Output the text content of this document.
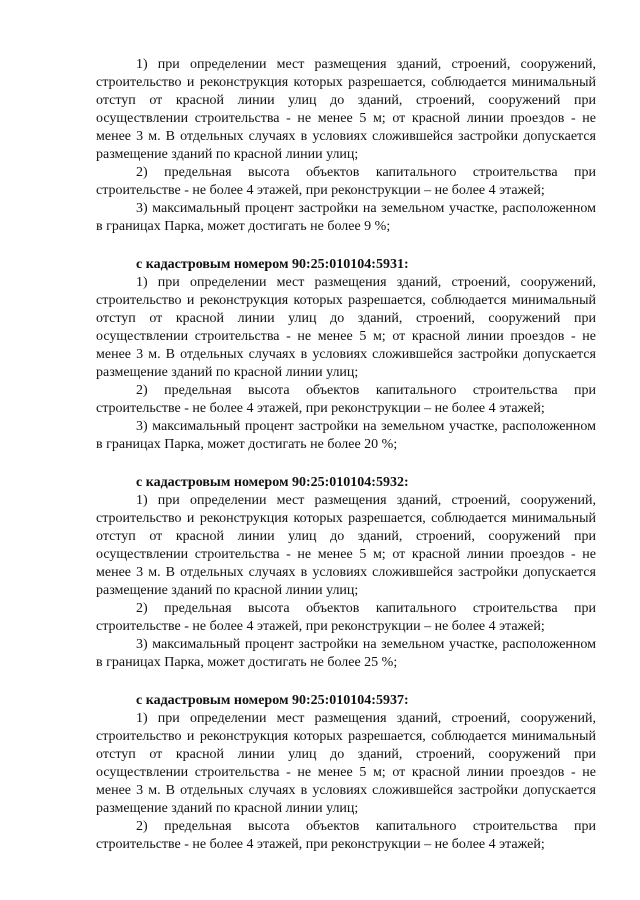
1) при определении мест размещения зданий, строений, сооружений, строительство и реконструкция которых разрешается, соблюдается минимальный отступ от красной линии улиц до зданий, строений, сооружений при осуществлении строительства - не менее 5 м; от красной линии проездов - не менее 3 м. В отдельных случаях в условиях сложившейся застройки допускается размещение зданий по красной линии улиц;

2) предельная высота объектов капитального строительства при строительстве - не более 4 этажей, при реконструкции – не более 4 этажей;

3) максимальный процент застройки на земельном участке, расположенном в границах Парка, может достигать не более 9 %;

с кадастровым номером 90:25:010104:5931:

1) при определении мест размещения зданий, строений, сооружений, строительство и реконструкция которых разрешается, соблюдается минимальный отступ от красной линии улиц до зданий, строений, сооружений при осуществлении строительства - не менее 5 м; от красной линии проездов - не менее 3 м. В отдельных случаях в условиях сложившейся застройки допускается размещение зданий по красной линии улиц;

2) предельная высота объектов капитального строительства при строительстве - не более 4 этажей, при реконструкции – не более 4 этажей;

3) максимальный процент застройки на земельном участке, расположенном в границах Парка, может достигать не более 20 %;

с кадастровым номером 90:25:010104:5932:

1) при определении мест размещения зданий, строений, сооружений, строительство и реконструкция которых разрешается, соблюдается минимальный отступ от красной линии улиц до зданий, строений, сооружений при осуществлении строительства - не менее 5 м; от красной линии проездов - не менее 3 м. В отдельных случаях в условиях сложившейся застройки допускается размещение зданий по красной линии улиц;

2) предельная высота объектов капитального строительства при строительстве - не более 4 этажей, при реконструкции – не более 4 этажей;

3) максимальный процент застройки на земельном участке, расположенном в границах Парка, может достигать не более 25 %;

с кадастровым номером 90:25:010104:5937:

1) при определении мест размещения зданий, строений, сооружений, строительство и реконструкция которых разрешается, соблюдается минимальный отступ от красной линии улиц до зданий, строений, сооружений при осуществлении строительства - не менее 5 м; от красной линии проездов - не менее 3 м. В отдельных случаях в условиях сложившейся застройки допускается размещение зданий по красной линии улиц;

2) предельная высота объектов капитального строительства при строительстве - не более 4 этажей, при реконструкции – не более 4 этажей;
